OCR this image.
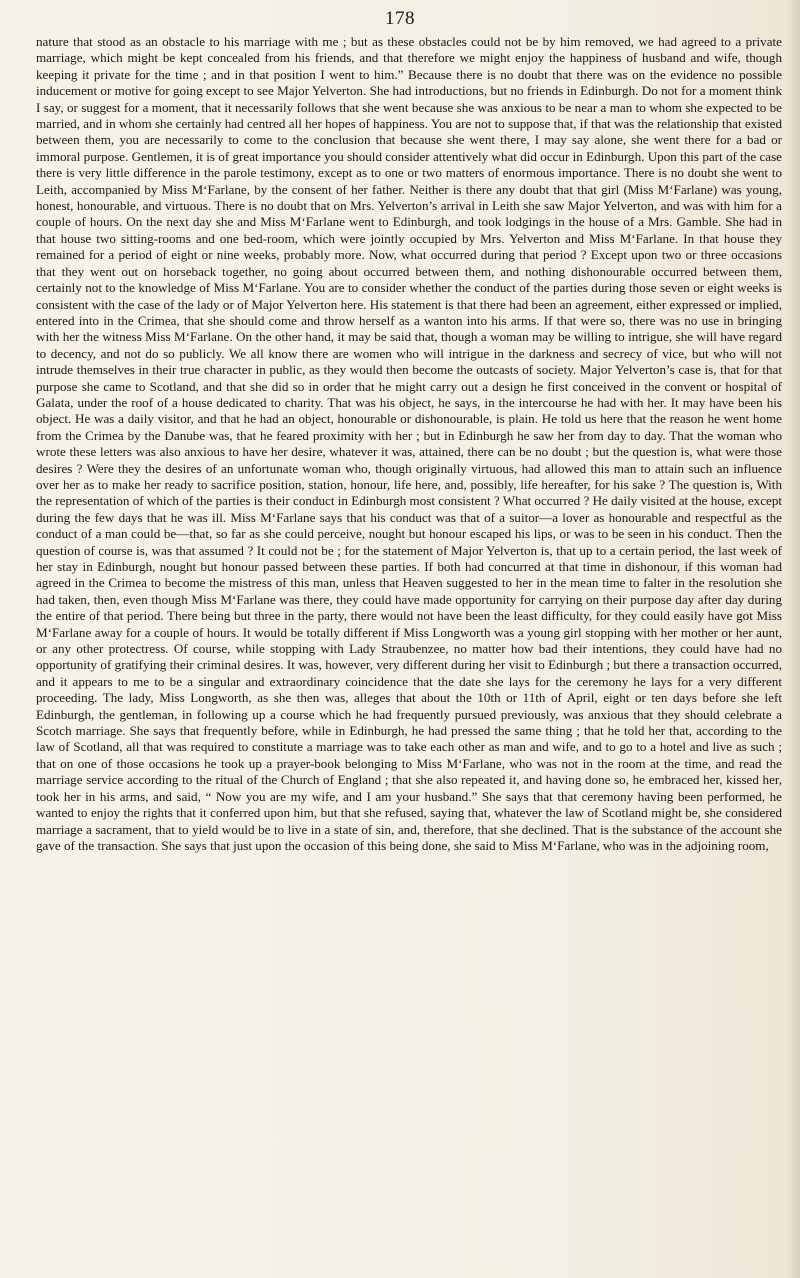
178

nature that stood as an obstacle to his marriage with me ; but as these obstacles could not be by him removed, we had agreed to a private marriage, which might be kept concealed from his friends, and that therefore we might enjoy the happiness of husband and wife, though keeping it private for the time ; and in that position I went to him.” Because there is no doubt that there was on the evidence no possible inducement or motive for going except to see Major Yelverton. She had introductions, but no friends in Edinburgh. Do not for a moment think I say, or suggest for a moment, that it necessarily follows that she went because she was anxious to be near a man to whom she expected to be married, and in whom she certainly had centred all her hopes of happiness. You are not to suppose that, if that was the relationship that existed between them, you are necessarily to come to the conclusion that because she went there, I may say alone, she went there for a bad or immoral purpose. Gentlemen, it is of great importance you should consider attentively what did occur in Edinburgh. Upon this part of the case there is very little difference in the parole testimony, except as to one or two matters of enormous importance. There is no doubt she went to Leith, accompanied by Miss M‘Farlane, by the consent of her father. Neither is there any doubt that that girl (Miss M‘Farlane) was young, honest, honourable, and virtuous. There is no doubt that on Mrs. Yelverton’s arrival in Leith she saw Major Yelverton, and was with him for a couple of hours. On the next day she and Miss M‘Farlane went to Edinburgh, and took lodgings in the house of a Mrs. Gamble. She had in that house two sitting-rooms and one bed-room, which were jointly occupied by Mrs. Yelverton and Miss M‘Farlane. In that house they remained for a period of eight or nine weeks, probably more. Now, what occurred during that period ? Except upon two or three occasions that they went out on horseback together, no going about occurred between them, and nothing dishonourable occurred between them, certainly not to the knowledge of Miss M‘Farlane. You are to consider whether the conduct of the parties during those seven or eight weeks is consistent with the case of the lady or of Major Yelverton here. His statement is that there had been an agreement, either expressed or implied, entered into in the Crimea, that she should come and throw herself as a wanton into his arms. If that were so, there was no use in bringing with her the witness Miss M‘Farlane. On the other hand, it may be said that, though a woman may be willing to intrigue, she will have regard to decency, and not do so publicly. We all know there are women who will intrigue in the darkness and secrecy of vice, but who will not intrude themselves in their true character in public, as they would then become the outcasts of society. Major Yelverton’s case is, that for that purpose she came to Scotland, and that she did so in order that he might carry out a design he first conceived in the convent or hospital of Galata, under the roof of a house dedicated to charity. That was his object, he says, in the intercourse he had with her. It may have been his object. He was a daily visitor, and that he had an object, honourable or dishonourable, is plain. He told us here that the reason he went home from the Crimea by the Danube was, that he feared proximity with her ; but in Edinburgh he saw her from day to day. That the woman who wrote these letters was also anxious to have her desire, whatever it was, attained, there can be no doubt ; but the question is, what were those desires ? Were they the desires of an unfortunate woman who, though originally virtuous, had allowed this man to attain such an influence over her as to make her ready to sacrifice position, station, honour, life here, and, possibly, life hereafter, for his sake ? The question is, With the representation of which of the parties is their conduct in Edinburgh most consistent ? What occurred ? He daily visited at the house, except during the few days that he was ill. Miss M‘Farlane says that his conduct was that of a suitor—a lover as honourable and respectful as the conduct of a man could be—that, so far as she could perceive, nought but honour escaped his lips, or was to be seen in his conduct. Then the question of course is, was that assumed ? It could not be ; for the statement of Major Yelverton is, that up to a certain period, the last week of her stay in Edinburgh, nought but honour passed between these parties. If both had concurred at that time in dishonour, if this woman had agreed in the Crimea to become the mistress of this man, unless that Heaven suggested to her in the mean time to falter in the resolution she had taken, then, even though Miss M‘Farlane was there, they could have made opportunity for carrying on their purpose day after day during the entire of that period. There being but three in the party, there would not have been the least difficulty, for they could easily have got Miss M‘Farlane away for a couple of hours. It would be totally different if Miss Longworth was a young girl stopping with her mother or her aunt, or any other protectress. Of course, while stopping with Lady Straubenzee, no matter how bad their intentions, they could have had no opportunity of gratifying their criminal desires. It was, however, very different during her visit to Edinburgh ; but there a transaction occurred, and it appears to me to be a singular and extraordinary coincidence that the date she lays for the ceremony he lays for a very different proceeding. The lady, Miss Longworth, as she then was, alleges that about the 10th or 11th of April, eight or ten days before she left Edinburgh, the gentleman, in following up a course which he had frequently pursued previously, was anxious that they should celebrate a Scotch marriage. She says that frequently before, while in Edinburgh, he had pressed the same thing ; that he told her that, according to the law of Scotland, all that was required to constitute a marriage was to take each other as man and wife, and to go to a hotel and live as such ; that on one of those occasions he took up a prayer-book belonging to Miss M‘Farlane, who was not in the room at the time, and read the marriage service according to the ritual of the Church of England ; that she also repeated it, and having done so, he embraced her, kissed her, took her in his arms, and said, “ Now you are my wife, and I am your husband.” She says that that ceremony having been performed, he wanted to enjoy the rights that it conferred upon him, but that she refused, saying that, whatever the law of Scotland might be, she considered marriage a sacrament, that to yield would be to live in a state of sin, and, therefore, that she declined. That is the substance of the account she gave of the transaction. She says that just upon the occasion of this being done, she said to Miss M‘Farlane, who was in the adjoining room,
